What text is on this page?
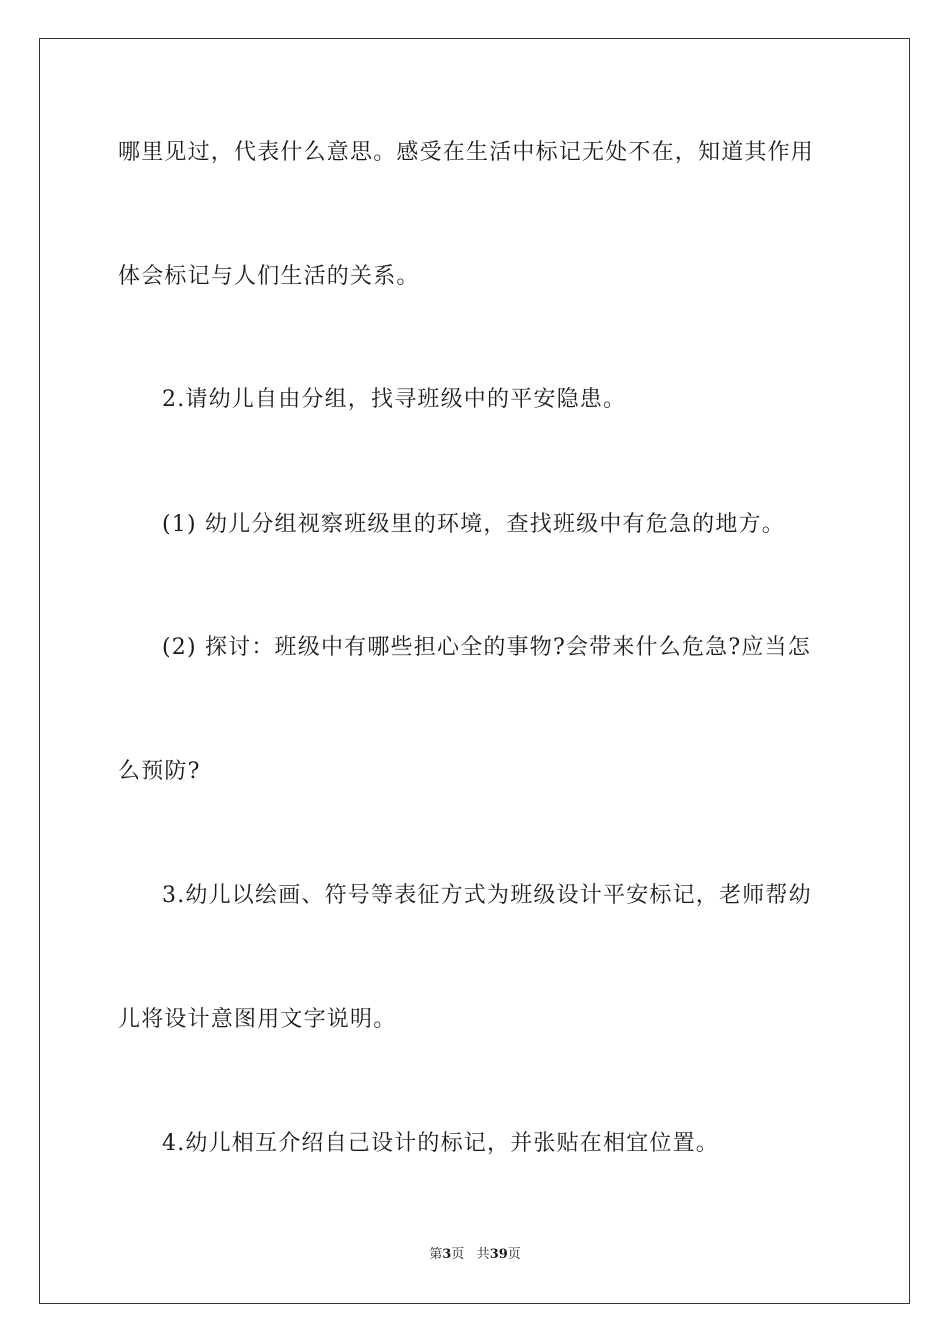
哪里见过，代表什么意思。感受在生活中标记无处不在，知道其作用
体会标记与人们生活的关系。
2.请幼儿自由分组，找寻班级中的平安隐患。
(1) 幼儿分组视察班级里的环境，查找班级中有危急的地方。
(2) 探讨：班级中有哪些担心全的事物?会带来什么危急?应当怎
么预防?
3.幼儿以绘画、符号等表征方式为班级设计平安标记，老师帮幼
儿将设计意图用文字说明。
4.幼儿相互介绍自己设计的标记，并张贴在相宜位置。
第3页 共39页
